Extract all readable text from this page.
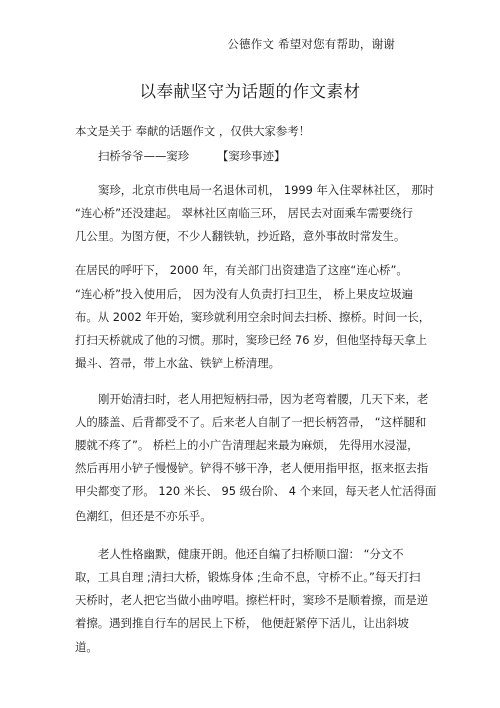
公德作文 希望对您有帮助，谢谢
以奉献坚守为话题的作文素材
本文是关于 奉献的话题作文 ，仅供大家参考！
扫桥爷爷——窦珍 【窦珍事迹】
窦珍，北京市供电局一名退休司机， 1999 年入住翠林社区， 那时
“连心桥”还没建起。 翠林社区南临三环， 居民去对面乘车需要绕行
几公里。为图方便，不少人翻铁轨，抄近路，意外事故时常发生。
在居民的呼吁下， 2000 年，有关部门出资建造了这座“连心桥”。
“连心桥”投入使用后， 因为没有人负责打扫卫生， 桥上果皮垃圾遍
布。从 2002 年开始，窦珍就利用空余时间去扫桥、擦桥。时间一长，
打扫天桥就成了他的习惯。那时，窦珍已经 76 岁，但他坚持每天拿上
撮斗、笤帚，带上水盆、铁铲上桥清理。
刚开始清扫时，老人用把短柄扫帚，因为老弯着腰，几天下来，老
人的膝盖、后背都受不了。后来老人自制了一把长柄笤帚， “这样腿和
腰就不疼了”。 桥栏上的小广告清理起来最为麻烦， 先得用水浸湿，
然后再用小铲子慢慢铲。铲得不够干净，老人便用指甲抠，抠来抠去指
甲尖都变了形。 120 米长、 95 级台阶、 4 个来回，每天老人忙活得面
色潮红，但还是不亦乐乎。
老人性格幽默，健康开朗。他还自编了扫桥顺口溜： “分文不
取，工具自理 ;清扫大桥，锻炼身体 ;生命不息，守桥不止。”每天打扫
天桥时，老人把它当做小曲哼唱。擦栏杆时，窦珍不是顺着擦，而是逆
着擦。遇到推自行车的居民上下桥， 他便赶紧停下活儿，让出斜坡
道。
